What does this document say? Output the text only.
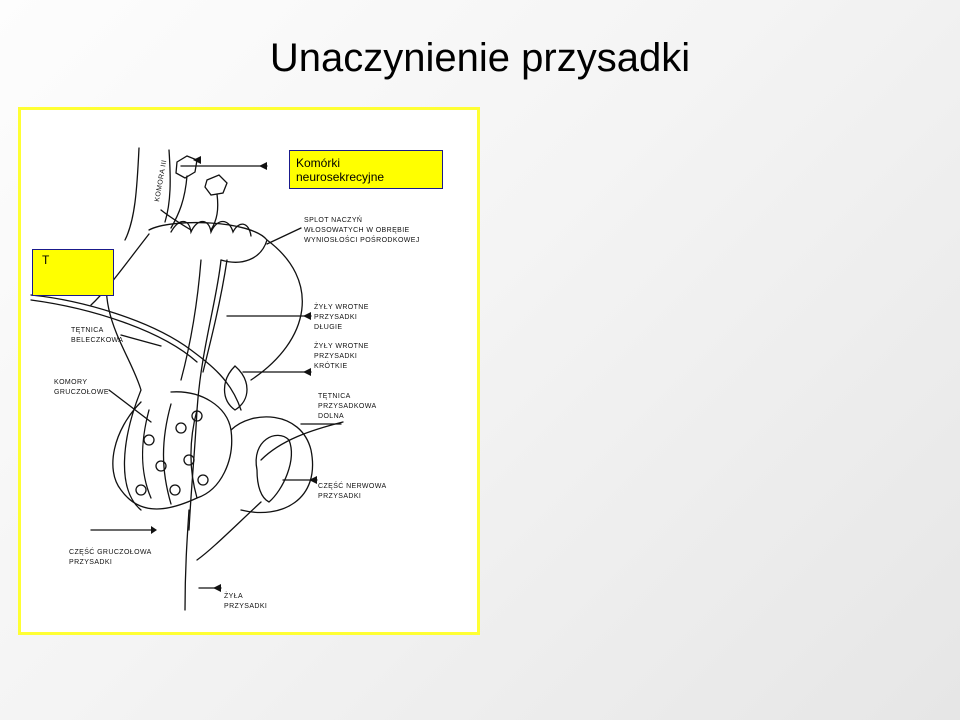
Unaczynienie przysadki
KOMORA III
SPLOT NACZYŃ
WŁOSOWATYCH W OBRĘBIE
WYNIOSŁOŚCI POŚRODKOWEJ
ŻYŁY WROTNE
PRZYSADKI
DŁUGIE
ŻYŁY WROTNE
PRZYSADKI
KRÓTKIE
TĘTNICA
BELECZKOWA
KOMORY
GRUCZOŁOWE
TĘTNICA
PRZYSADKOWA
DOLNA
CZĘŚĆ NERWOWA
PRZYSADKI
CZĘŚĆ GRUCZOŁOWA
PRZYSADKI
ŻYŁA
PRZYSADKI
Komórki
neurosekrecyjne
T
